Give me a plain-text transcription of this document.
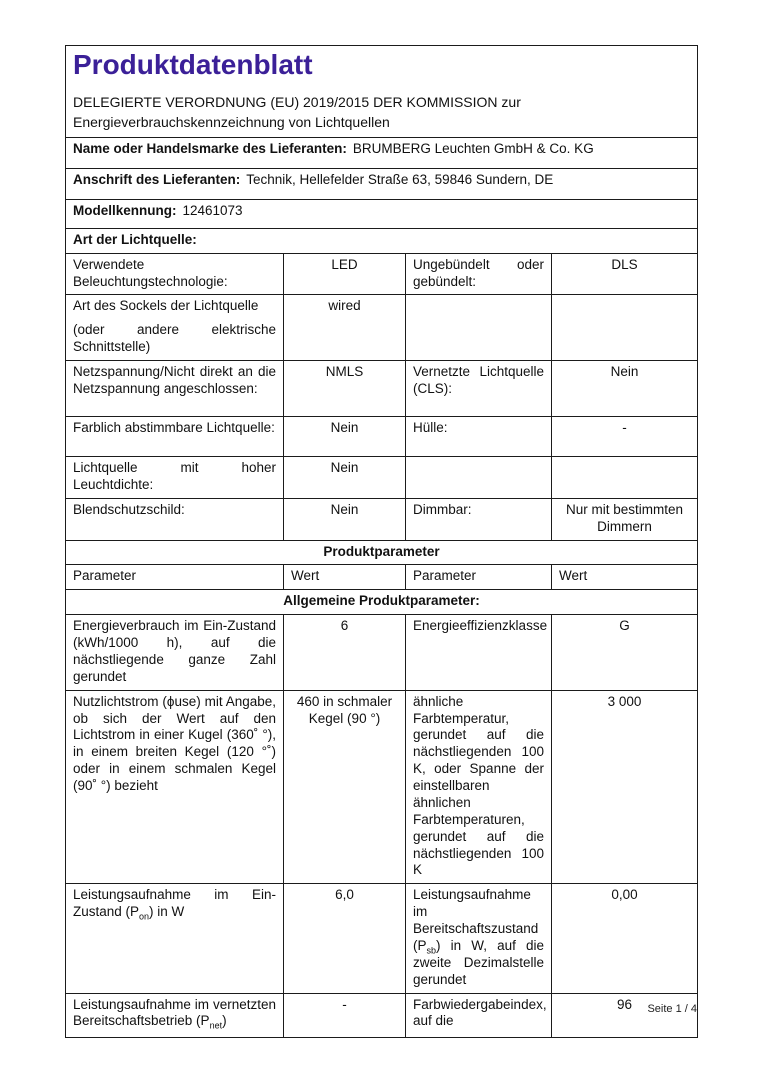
Produktdatenblatt
DELEGIERTE VERORDNUNG (EU) 2019/2015 DER KOMMISSION zur Energieverbrauchskennzeichnung von Lichtquellen			

Name oder Handelsmarke des Lieferanten: BRUMBERG Leuchten GmbH & Co. KG			
Anschrift des Lieferanten: Technik, Hellefelder Straße 63, 59846 Sundern, DE			
Modellkennung: 12461073			
Art der Lichtquelle:			

Verwendete Beleuchtungstechnologie:	LED	Ungebündelt oder gebündelt:	DLS

Art des Sockels der Lichtquelle
(oder andere elektrische Schnittstelle)	wired		

Netzspannung/Nicht direkt an die Netzspannung angeschlossen:	NMLS	Vernetzte Lichtquelle (CLS):	Nein

Farblich abstimmbare Lichtquelle:	Nein	Hülle:	-

Lichtquelle mit hoher Leuchtdichte:	Nein		

Blendschutzschild:	Nein	Dimmbar:	Nur mit bestimmten Dimmern

Produktparameter			

Parameter	Wert	Parameter	Wert

Allgemeine Produktparameter:			

Energieverbrauch im Ein-Zustand (kWh/1000 h), auf die nächstliegende ganze Zahl gerundet	6	Energieeffizienzklasse	G

Nutzlichtstrom (ϕuse) mit Angabe, ob sich der Wert auf den Lichtstrom in einer Kugel (360˚ °), in einem breiten Kegel (120 °˚) oder in einem schmalen Kegel (90˚ °) bezieht	460 in schmaler Kegel (90 °)	ähnliche Farbtemperatur, gerundet auf die nächstliegenden 100 K, oder Spanne der einstellbaren ähnlichen Farbtemperaturen, gerundet auf die nächstliegenden 100 K	3 000

Leistungsaufnahme im Ein-Zustand $(P_{on})$ in W	6,0	Leistungsaufnahme im Bereitschaftszustand $(P_{sb})$ in W, auf die zweite Dezimalstelle gerundet	0,00

Leistungsaufnahme im vernetzten Bereitschaftsbetrieb $(P_{net})$	-	Farbwiedergabeindex, auf die	96	Seite 1 / 4
